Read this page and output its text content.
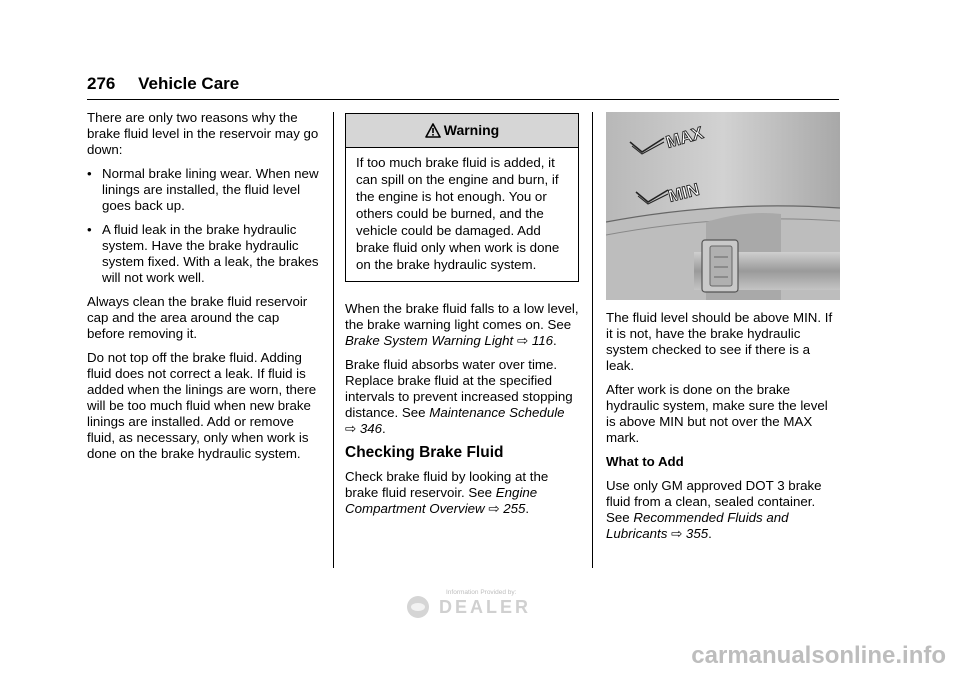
276 Vehicle Care

There are only two reasons why the brake fluid level in the reservoir may go down:

• Normal brake lining wear. When new linings are installed, the fluid level goes back up.
• A fluid leak in the brake hydraulic system. Have the brake hydraulic system fixed. With a leak, the brakes will not work well.

Always clean the brake fluid reservoir cap and the area around the cap before removing it.

Do not top off the brake fluid. Adding fluid does not correct a leak. If fluid is added when the linings are worn, there will be too much fluid when new brake linings are installed. Add or remove fluid, as necessary, only when work is done on the brake hydraulic system.

Warning
If too much brake fluid is added, it can spill on the engine and burn, if the engine is hot enough. You or others could be burned, and the vehicle could be damaged. Add brake fluid only when work is done on the brake hydraulic system.

When the brake fluid falls to a low level, the brake warning light comes on. See Brake System Warning Light ⇨ 116.

Brake fluid absorbs water over time. Replace brake fluid at the specified intervals to prevent increased stopping distance. See Maintenance Schedule ⇨ 346.

Checking Brake Fluid

Check brake fluid by looking at the brake fluid reservoir. See Engine Compartment Overview ⇨ 255.

MAX
MIN

The fluid level should be above MIN. If it is not, have the brake hydraulic system checked to see if there is a leak.

After work is done on the brake hydraulic system, make sure the level is above MIN but not over the MAX mark.

What to Add

Use only GM approved DOT 3 brake fluid from a clean, sealed container. See Recommended Fluids and Lubricants ⇨ 355.

Information Provided by:
DEALER
carmanualsonline.info
